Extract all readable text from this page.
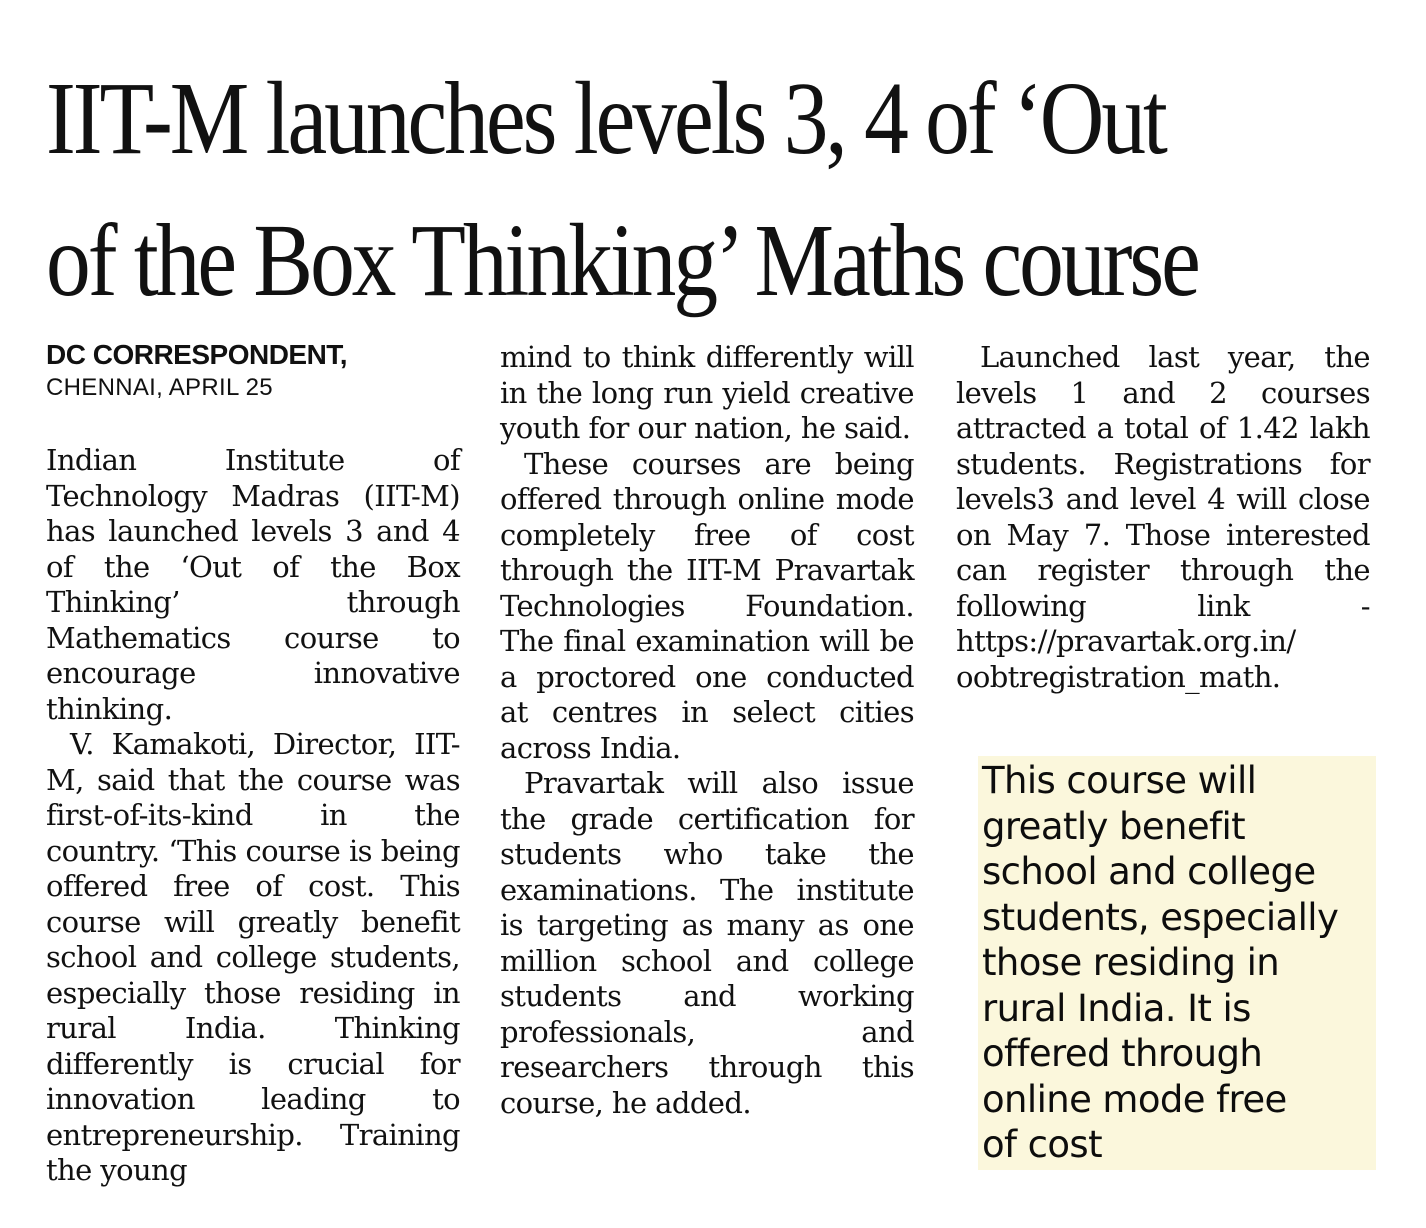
IIT-M launches levels 3, 4 of ‘Out
of the Box Thinking’ Maths course
DC CORRESPONDENT,
CHENNAI, APRIL 25

Indian Institute of Technology Madras (IIT-M) has launched levels 3 and 4 of the ‘Out of the Box Thinking’ through Mathematics course to encourage innovative thinking.

V. Kamakoti, Director, IIT-M, said that the course was first-of-its-kind in the country. ‘This course is being offered free of cost. This course will greatly benefit school and college students, especially those residing in rural India. Thinking differently is crucial for innovation leading to entrepreneurship. Training the young

mind to think differently will in the long run yield creative youth for our nation, he said.

These courses are being offered through online mode completely free of cost through the IIT-M Pravartak Technologies Foundation. The final examination will be a proctored one conducted at centres in select cities across India.

Pravartak will also issue the grade certification for students who take the examinations. The institute is targeting as many as one million school and college students and working professionals, and researchers through this course, he added.

Launched last year, the levels 1 and 2 courses attracted a total of 1.42 lakh students. Registrations for levels3 and level 4 will close on May 7. Those interested can register through the following link - https://pravartak.org.in/ oobtregistration_math.

This course will
greatly benefit
school and college
students, especially
those residing in
rural India. It is
offered through
online mode free
of cost
